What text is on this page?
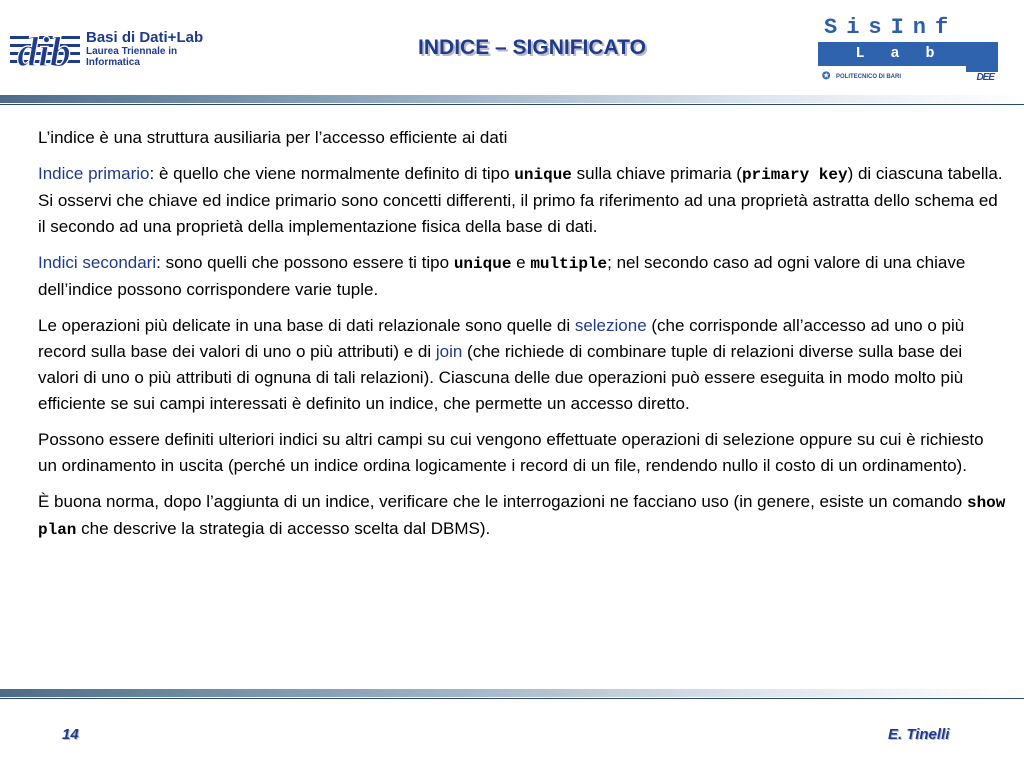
dib Basi di Dati+Lab
Laurea Triennale in
Informatica
INDICE – SIGNIFICATO
SisInf
Lab
✪ POLITECNICO DI BARI	DEE

L’indice è una struttura ausiliaria per l’accesso efficiente ai dati

Indice primario: è quello che viene normalmente definito di tipo unique sulla chiave primaria (primary key) di ciascuna tabella. Si osservi che chiave ed indice primario sono concetti differenti, il primo fa riferimento ad una proprietà astratta dello schema ed il secondo ad una proprietà della implementazione fisica della base di dati.

Indici secondari: sono quelli che possono essere ti tipo unique e multiple; nel secondo caso ad ogni valore di una chiave dell’indice possono corrispondere varie tuple.

Le operazioni più delicate in una base di dati relazionale sono quelle di selezione (che corrisponde all’accesso ad uno o più record sulla base dei valori di uno o più attributi) e di join (che richiede di combinare tuple di relazioni diverse sulla base dei valori di uno o più attributi di ognuna di tali relazioni). Ciascuna delle due operazioni può essere eseguita in modo molto più efficiente se sui campi interessati è definito un indice, che permette un accesso diretto.

Possono essere definiti ulteriori indici su altri campi su cui vengono effettuate operazioni di selezione oppure su cui è richiesto un ordinamento in uscita (perché un indice ordina logicamente i record di un file, rendendo nullo il costo di un ordinamento).

È buona norma, dopo l’aggiunta di un indice, verificare che le interrogazioni ne facciano uso (in genere, esiste un comando show plan che descrive la strategia di accesso scelta dal DBMS).

14	E. Tinelli
